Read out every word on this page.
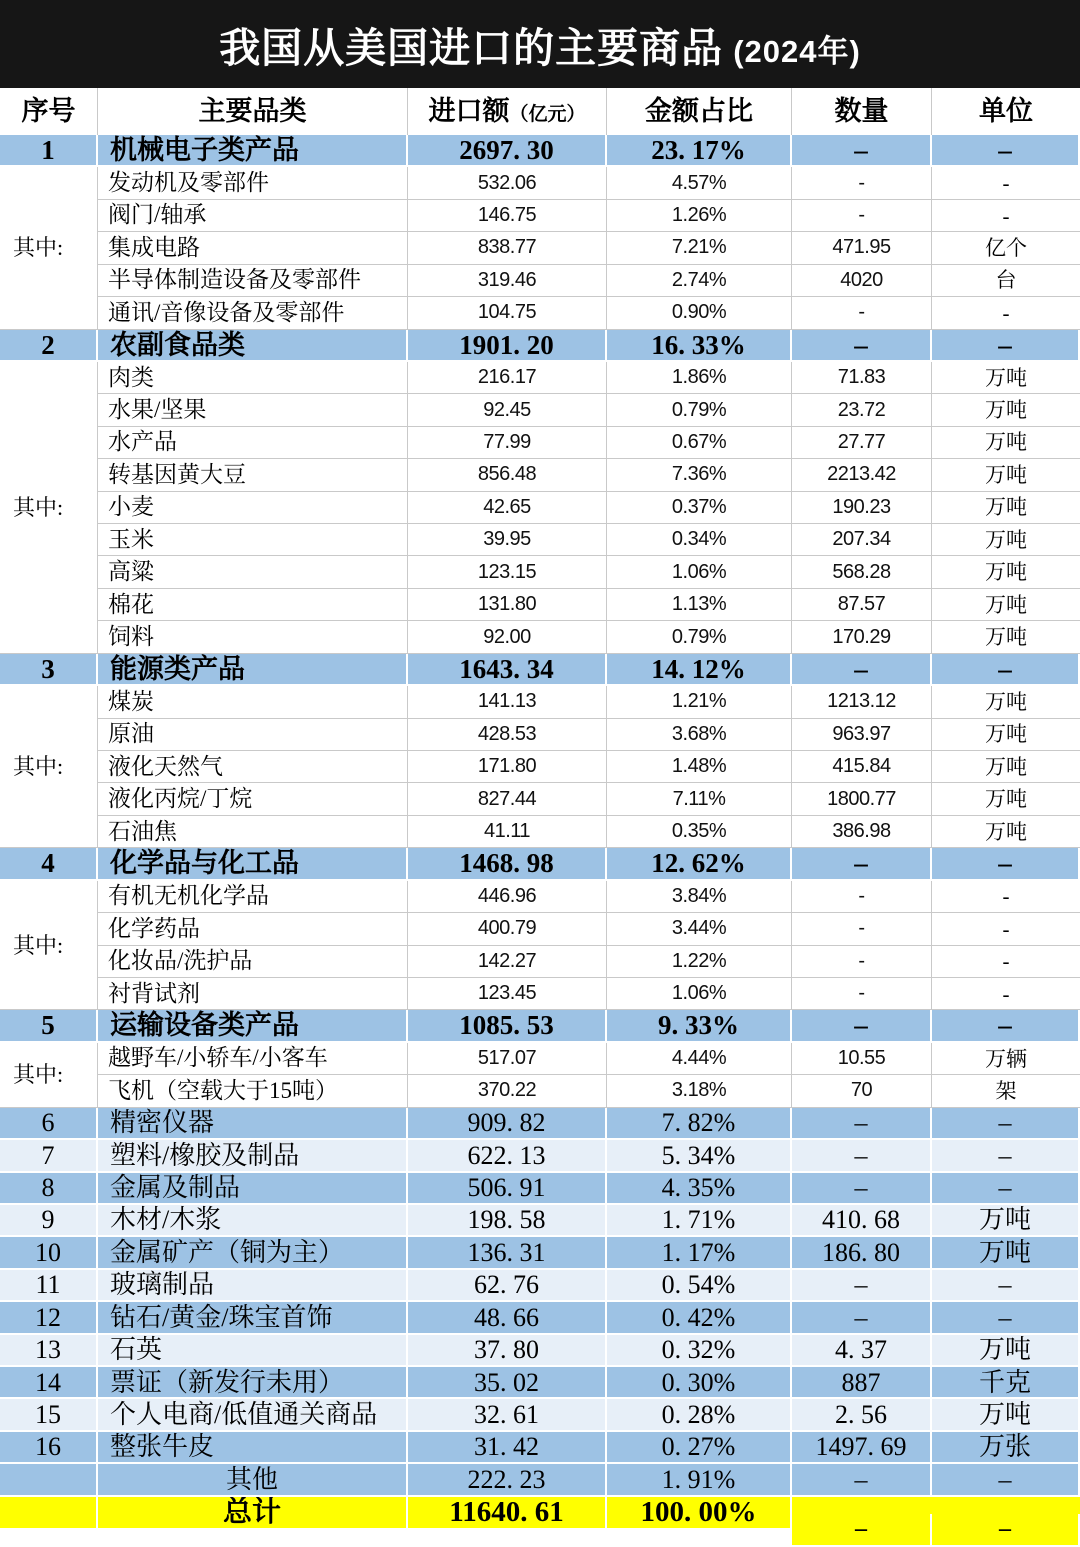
我国从美国进口的主要商品 (2024年)
序号	主要品类	进口额（亿元）	金额占比	数量	单位
1	机械电子类产品	2697. 30	23. 17%	–	–
其中:	发动机及零部件	532.06	4.57%	-	-
	阀门/轴承	146.75	1.26%	-	-
	集成电路	838.77	7.21%	471.95	亿个
	半导体制造设备及零部件	319.46	2.74%	4020	台
	通讯/音像设备及零部件	104.75	0.90%	-	-
2	农副食品类	1901. 20	16. 33%	–	–
其中:	肉类	216.17	1.86%	71.83	万吨
	水果/坚果	92.45	0.79%	23.72	万吨
	水产品	77.99	0.67%	27.77	万吨
	转基因黄大豆	856.48	7.36%	2213.42	万吨
	小麦	42.65	0.37%	190.23	万吨
	玉米	39.95	0.34%	207.34	万吨
	高粱	123.15	1.06%	568.28	万吨
	棉花	131.80	1.13%	87.57	万吨
	饲料	92.00	0.79%	170.29	万吨
3	能源类产品	1643. 34	14. 12%	–	–
其中:	煤炭	141.13	1.21%	1213.12	万吨
	原油	428.53	3.68%	963.97	万吨
	液化天然气	171.80	1.48%	415.84	万吨
	液化丙烷/丁烷	827.44	7.11%	1800.77	万吨
	石油焦	41.11	0.35%	386.98	万吨
4	化学品与化工品	1468. 98	12. 62%	–	–
其中:	有机无机化学品	446.96	3.84%	-	-
	化学药品	400.79	3.44%	-	-
	化妆品/洗护品	142.27	1.22%	-	-
	衬背试剂	123.45	1.06%	-	-
5	运输设备类产品	1085. 53	9. 33%	–	–
其中:	越野车/小轿车/小客车	517.07	4.44%	10.55	万辆
	飞机（空载大于15吨）	370.22	3.18%	70	架
6	精密仪器	909. 82	7. 82%	–	–
7	塑料/橡胶及制品	622. 13	5. 34%	–	–
8	金属及制品	506. 91	4. 35%	–	–
9	木材/木浆	198. 58	1. 71%	410. 68	万吨
10	金属矿产（铜为主）	136. 31	1. 17%	186. 80	万吨
11	玻璃制品	62. 76	0. 54%	–	–
12	钻石/黄金/珠宝首饰	48. 66	0. 42%	–	–
13	石英	37. 80	0. 32%	4. 37	万吨
14	票证（新发行未用）	35. 02	0. 30%	887	千克
15	个人电商/低值通关商品	32. 61	0. 28%	2. 56	万吨
16	整张牛皮	31. 42	0. 27%	1497. 69	万张
	其他	222. 23	1. 91%	–	–
	总计	11640. 61	100. 00%	–	–
